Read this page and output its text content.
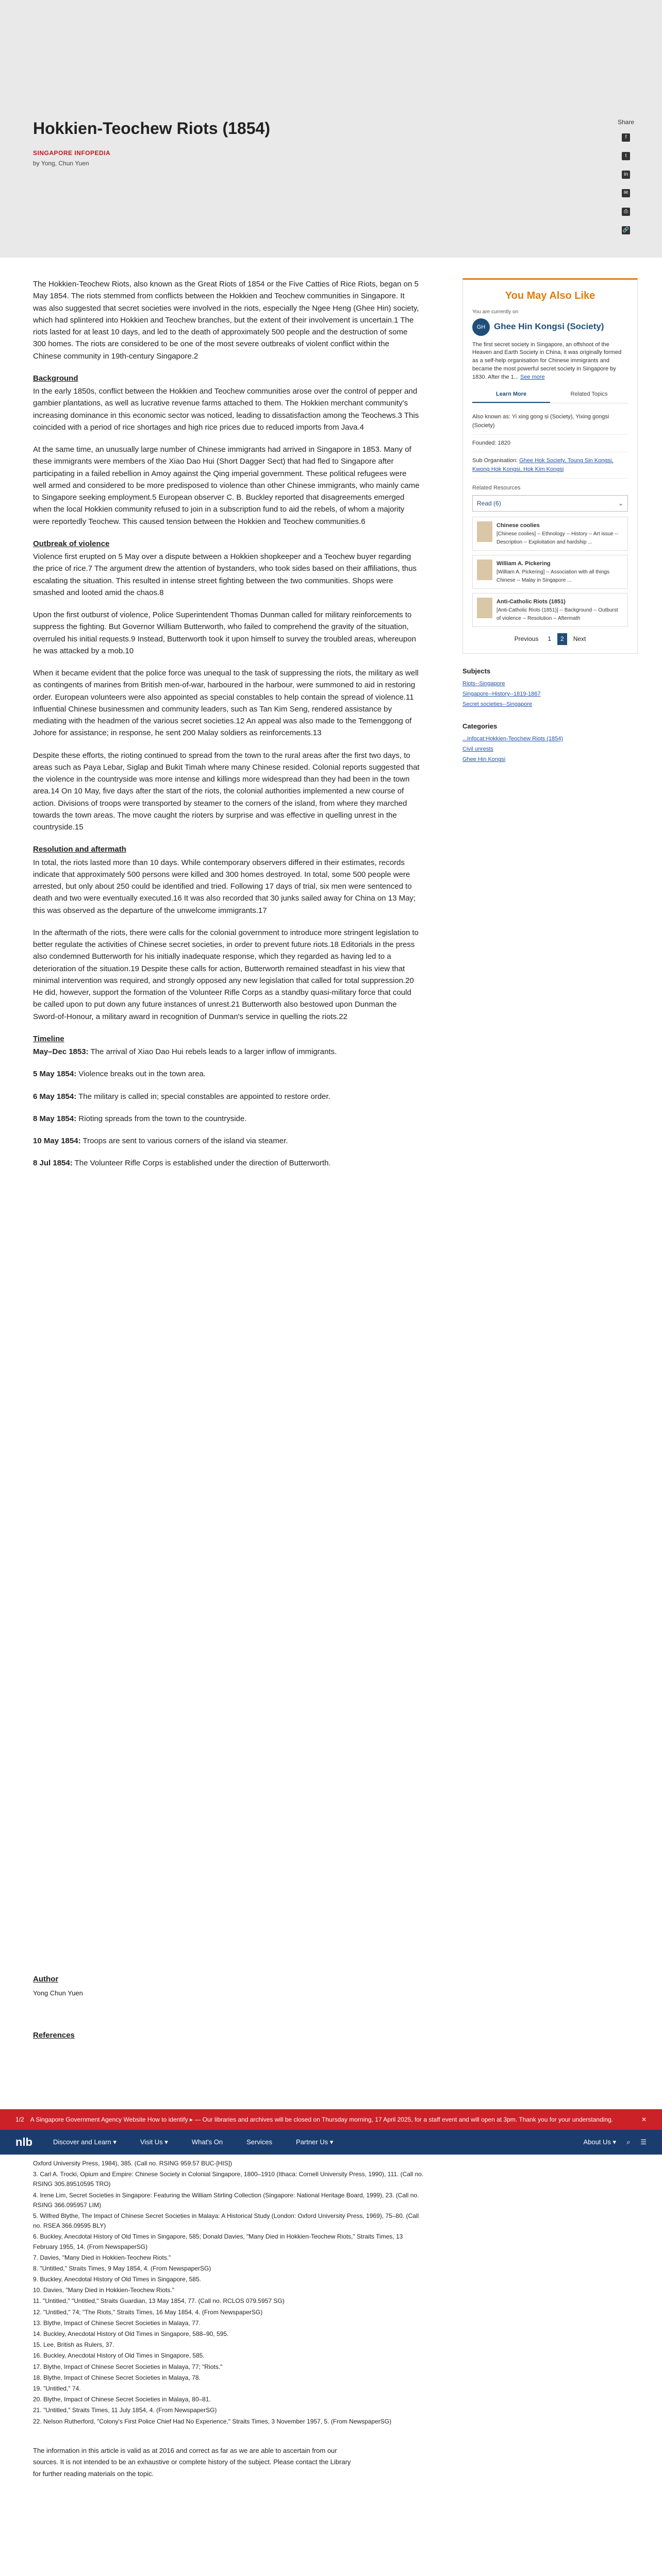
Hokkien-Teochew Riots (1854)
SINGAPORE INFOPEDIA
by Yong, Chun Yuen
Share
f
t
in
✉
⎙
🔗

The Hokkien-Teochew Riots, also known as the Great Riots of 1854 or the Five Catties of Rice Riots, began on 5 May 1854. The riots stemmed from conflicts between the Hokkien and Teochew communities in Singapore. It was also suggested that secret societies were involved in the riots, especially the Ngee Heng (Ghee Hin) society, which had splintered into Hokkien and Teochew branches, but the extent of their involvement is uncertain.1 The riots lasted for at least 10 days, and led to the death of approximately 500 people and the destruction of some 300 homes. The riots are considered to be one of the most severe outbreaks of violent conflict within the Chinese community in 19th-century Singapore.2

Background

In the early 1850s, conflict between the Hokkien and Teochew communities arose over the control of pepper and gambier plantations, as well as lucrative revenue farms attached to them. The Hokkien merchant community's increasing dominance in this economic sector was noticed, leading to dissatisfaction among the Teochews.3 This coincided with a period of rice shortages and high rice prices due to reduced imports from Java.4

At the same time, an unusually large number of Chinese immigrants had arrived in Singapore in 1853. Many of these immigrants were members of the Xiao Dao Hui (Short Dagger Sect) that had fled to Singapore after participating in a failed rebellion in Amoy against the Qing imperial government. These political refugees were well armed and considered to be more predisposed to violence than other Chinese immigrants, who mainly came to Singapore seeking employment.5 European observer C. B. Buckley reported that disagreements emerged when the local Hokkien community refused to join in a subscription fund to aid the rebels, of whom a majority were reportedly Teochew. This caused tension between the Hokkien and Teochew communities.6

Outbreak of violence

Violence first erupted on 5 May over a dispute between a Hokkien shopkeeper and a Teochew buyer regarding the price of rice.7 The argument drew the attention of bystanders, who took sides based on their affiliations, thus escalating the situation. This resulted in intense street fighting between the two communities. Shops were smashed and looted amid the chaos.8

Upon the first outburst of violence, Police Superintendent Thomas Dunman called for military reinforcements to suppress the fighting. But Governor William Butterworth, who failed to comprehend the gravity of the situation, overruled his initial requests.9 Instead, Butterworth took it upon himself to survey the troubled areas, whereupon he was attacked by a mob.10

When it became evident that the police force was unequal to the task of suppressing the riots, the military as well as contingents of marines from British men-of-war, harboured in the harbour, were summoned to aid in restoring order. European volunteers were also appointed as special constables to help contain the spread of violence.11 Influential Chinese businessmen and community leaders, such as Tan Kim Seng, rendered assistance by mediating with the headmen of the various secret societies.12 An appeal was also made to the Temenggong of Johore for assistance; in response, he sent 200 Malay soldiers as reinforcements.13

Despite these efforts, the rioting continued to spread from the town to the rural areas after the first two days, to areas such as Paya Lebar, Siglap and Bukit Timah where many Chinese resided. Colonial reports suggested that the violence in the countryside was more intense and killings more widespread than they had been in the town area.14 On 10 May, five days after the start of the riots, the colonial authorities implemented a new course of action. Divisions of troops were transported by steamer to the corners of the island, from where they marched towards the town areas. The move caught the rioters by surprise and was effective in quelling unrest in the countryside.15

Resolution and aftermath

In total, the riots lasted more than 10 days. While contemporary observers differed in their estimates, records indicate that approximately 500 persons were killed and 300 homes destroyed. In total, some 500 people were arrested, but only about 250 could be identified and tried. Following 17 days of trial, six men were sentenced to death and two were eventually executed.16 It was also recorded that 30 junks sailed away for China on 13 May; this was observed as the departure of the unwelcome immigrants.17

In the aftermath of the riots, there were calls for the colonial government to introduce more stringent legislation to better regulate the activities of Chinese secret societies, in order to prevent future riots.18 Editorials in the press also condemned Butterworth for his initially inadequate response, which they regarded as having led to a deterioration of the situation.19 Despite these calls for action, Butterworth remained steadfast in his view that minimal intervention was required, and strongly opposed any new legislation that called for total suppression.20 He did, however, support the formation of the Volunteer Rifle Corps as a standby quasi-military force that could be called upon to put down any future instances of unrest.21 Butterworth also bestowed upon Dunman the Sword-of-Honour, a military award in recognition of Dunman's service in quelling the riots.22

Timeline

May–Dec 1853: The arrival of Xiao Dao Hui rebels leads to a larger inflow of immigrants.

5 May 1854: Violence breaks out in the town area.

6 May 1854: The military is called in; special constables are appointed to restore order.

8 May 1854: Rioting spreads from the town to the countryside.

10 May 1854: Troops are sent to various corners of the island via steamer.

8 Jul 1854: The Volunteer Rifle Corps is established under the direction of Butterworth.

You May Also Like
You are currently on
GH Ghee Hin Kongsi (Society)
The first secret society in Singapore, an offshoot of the Heaven and Earth Society in China, it was originally formed as a self-help organisation for Chinese immigrants and became the most powerful secret society in Singapore by 1830. After the 1... See more
Learn More	Related Topics
Also known as: Yi xing gong si (Society), Yixing gongsi (Society)
Founded: 1820
Sub Organisation: Ghee Hok Society, Toung Sin Kongsi, Kwong Hok Kongsi, Hok Kim Kongsi
Related Resources
Read (6)	⌄
Chinese coolies
[Chinese coolies] -- Ethnology -- History -- Art issue -- Description -- Exploitation and hardship ...
William A. Pickering
[William A. Pickering] -- Association with all things Chinese -- Malay in Singapore ...
Anti-Catholic Riots (1851)
[Anti-Catholic Riots (1851)] -- Background -- Outburst of violence -- Resolution -- Aftermath
Previous	1	2	Next
Subjects
Riots--Singapore
Singapore--History--1819-1867
Secret societies--Singapore
Categories
...Infocat:Hokkien-Teochew Riots (1854)
Civil unrests
Ghee Hin Kongsi
Author
Yong Chun Yuen
References
1/2	A Singapore Government Agency Website How to identify ▸ — Our libraries and archives will be closed on Thursday morning, 17 April 2025, for a staff event and will open at 3pm. Thank you for your understanding.	✕
nlb	Discover and Learn ▾	Visit Us ▾	What's On	Services	Partner Us ▾	About Us ▾ ⌕ ☰
Oxford University Press, 1984), 385. (Call no. RSING 959.57 BUC-[HIS])
3. Carl A. Trocki, Opium and Empire: Chinese Society in Colonial Singapore, 1800–1910 (Ithaca: Cornell University Press, 1990), 111. (Call no. RSING 305.89510595 TRO)
4. Irene Lim, Secret Societies in Singapore: Featuring the William Stirling Collection (Singapore: National Heritage Board, 1999), 23. (Call no. RSING 366.095957 LIM)
5. Wilfred Blythe, The Impact of Chinese Secret Societies in Malaya: A Historical Study (London: Oxford University Press, 1969), 75–80. (Call no. RSEA 366.09595 BLY)
6. Buckley, Anecdotal History of Old Times in Singapore, 585; Donald Davies, "Many Died in Hokkien-Teochew Riots," Straits Times, 13 February 1955, 14. (From NewspaperSG)
7. Davies, "Many Died in Hokkien-Teochew Riots."
8. "Untitled," Straits Times, 9 May 1854, 4. (From NewspaperSG)
9. Buckley, Anecdotal History of Old Times in Singapore, 585.
10. Davies, "Many Died in Hokkien-Teochew Riots."
11. "Untitled," "Untitled," Straits Guardian, 13 May 1854, 77. (Call no. RCLOS 079.5957 SG)
12. "Untitled," 74; "The Riots," Straits Times, 16 May 1854, 4. (From NewspaperSG)
13. Blythe, Impact of Chinese Secret Societies in Malaya, 77.
14. Buckley, Anecdotal History of Old Times in Singapore, 588–90, 595.
15. Lee, British as Rulers, 37.
16. Buckley, Anecdotal History of Old Times in Singapore, 585.
17. Blythe, Impact of Chinese Secret Societies in Malaya, 77; "Riots."
18. Blythe, Impact of Chinese Secret Societies in Malaya, 78.
19. "Untitled," 74.
20. Blythe, Impact of Chinese Secret Societies in Malaya, 80–81.
21. "Untitled," Straits Times, 11 July 1854, 4. (From NewspaperSG)
22. Nelson Rutherford, "Colony's First Police Chief Had No Experience," Straits Times, 3 November 1957, 5. (From NewspaperSG)

The information in this article is valid as at 2016 and correct as far as we are able to ascertain from our sources. It is not intended to be an exhaustive or complete history of the subject. Please contact the Library for further reading materials on the topic.
